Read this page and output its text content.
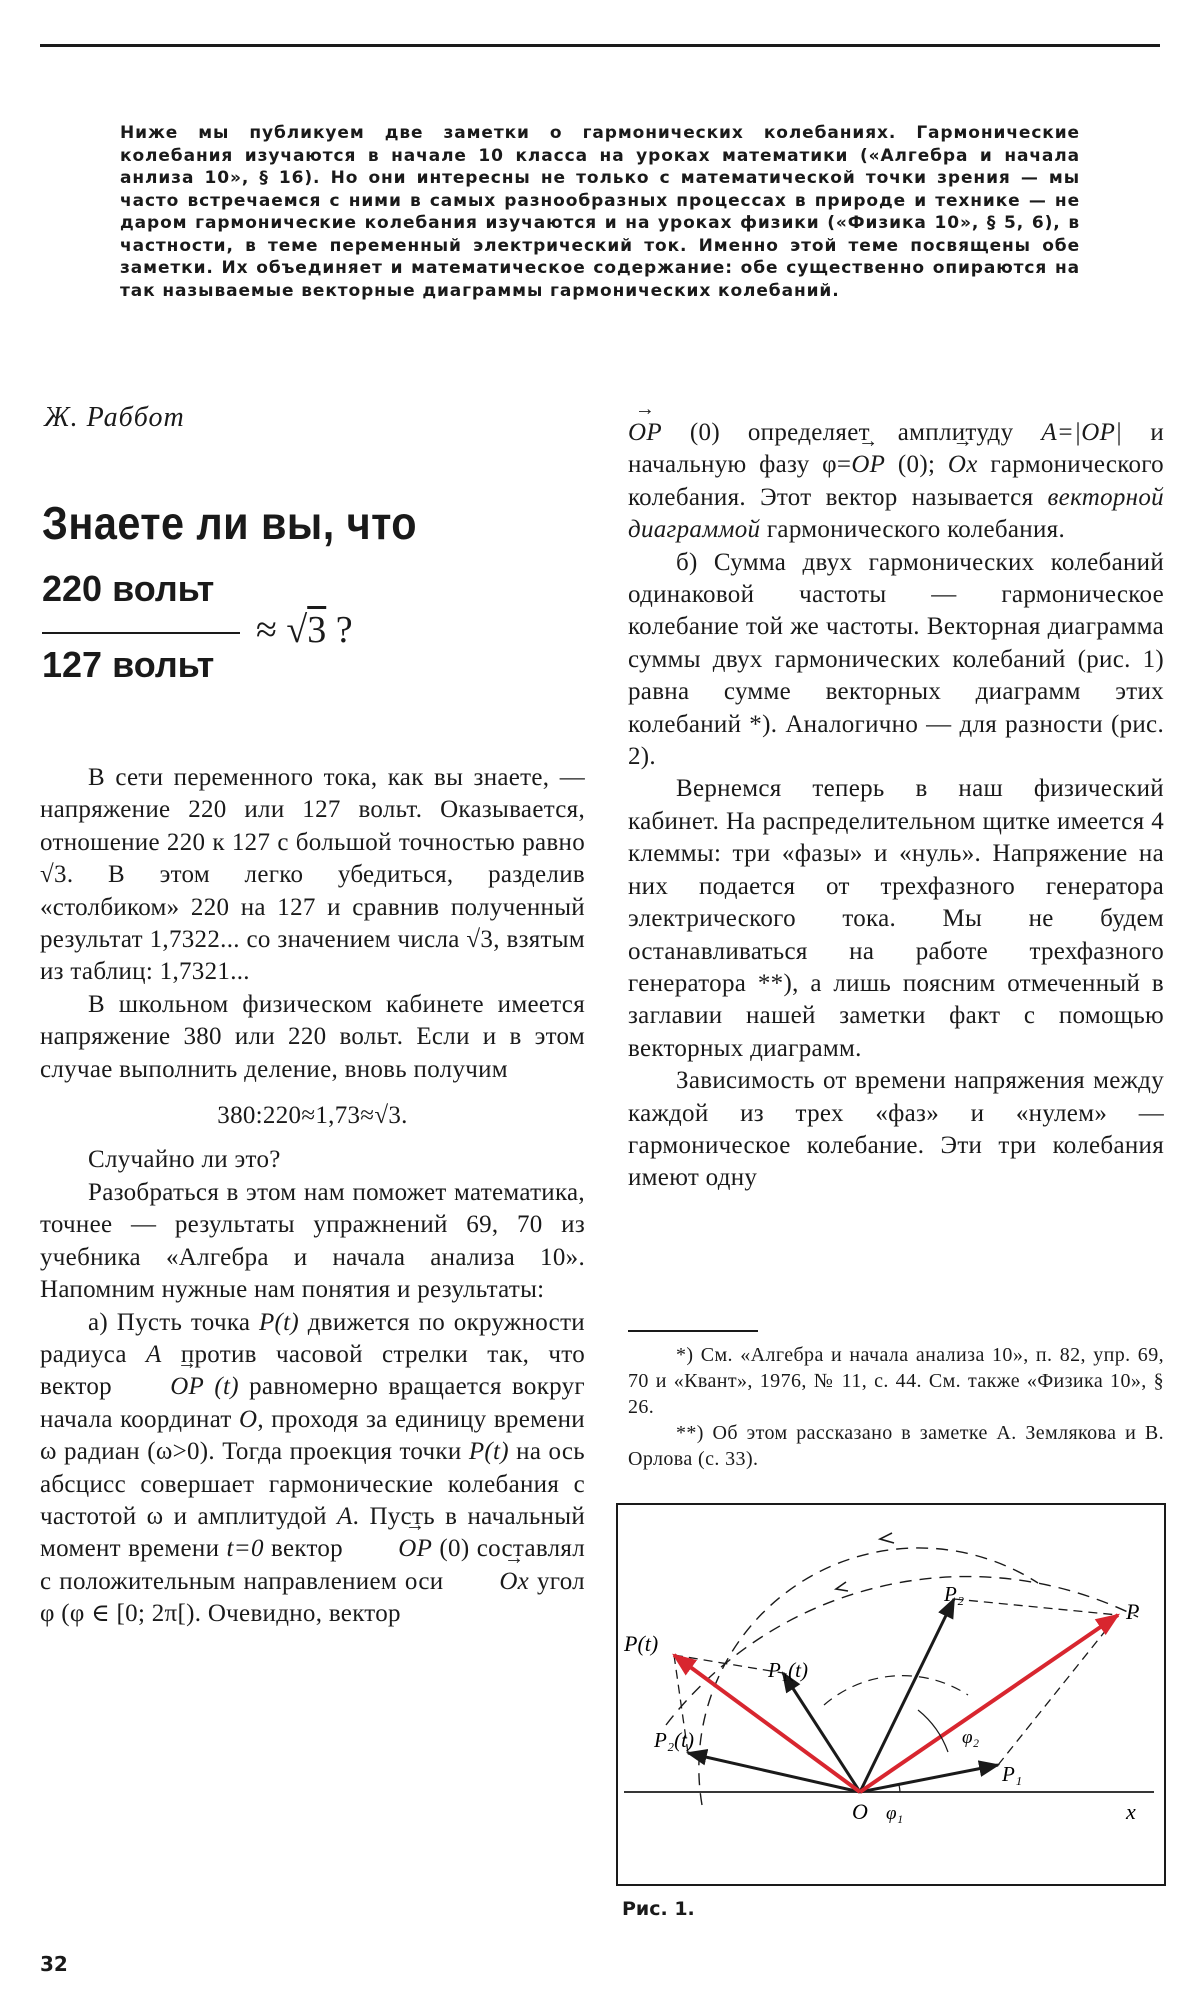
Ниже мы публикуем две заметки о гармонических колебаниях. Гармонические колебания изучаются в начале 10 класса на уроках математики («Алгебра и начала анлиза 10», § 16). Но они интересны не только с математической точки зрения — мы часто встречаемся с ними в самых разнообразных процессах в природе и технике — не даром гармонические колебания изучаются и на уроках физики («Физика 10», § 5, 6), в частности, в теме переменный электрический ток. Именно этой теме посвящены обе заметки. Их объединяет и математическое содержание: обе существенно опираются на так называемые векторные диаграммы гармонических колебаний.
Ж. Раббот
Знаете ли вы, что
220 вольт
127 вольт
≈ √3 ?

В сети переменного тока, как вы знаете, — напряжение 220 или 127 вольт. Оказывается, отношение 220 к 127 с большой точностью равно √3. В этом легко убедиться, разделив «столбиком» 220 на 127 и сравнив полученный результат 1,7322... со значением числа √3, взятым из таблиц: 1,7321...

В школьном физическом кабинете имеется напряжение 380 или 220 вольт. Если и в этом случае выполнить деление, вновь получим

380:220≈1,73≈√3.

Случайно ли это?

Разобраться в этом нам поможет математика, точнее — результаты упражнений 69, 70 из учебника «Алгебра и начала анализа 10». Напомним нужные нам понятия и результаты:

а) Пусть точка P(t) движется по окружности радиуса A против часовой стрелки так, что вектор → OP (t) равномерно вращается вокруг начала координат O, проходя за единицу времени ω радиан (ω>0). Тогда проекция точки P(t) на ось абсцисс совершает гармонические колебания с частотой ω и амплитудой A. Пусть в начальный момент времени t=0 вектор → OP (0) составлял с положительным направлением оси → Ox угол φ (φ ∈ [0; 2π[). Очевидно, вектор

→ OP (0) определяет амплитуду A=|OP| и начальную фазу φ=→ OP (0); → Ox гармонического колебания. Этот вектор называется векторной диаграммой гармонического колебания.

б) Сумма двух гармонических колебаний одинаковой частоты — гармоническое колебание той же частоты. Векторная диаграмма суммы двух гармонических колебаний (рис. 1) равна сумме векторных диаграмм этих колебаний *). Аналогично — для разности (рис. 2).

Вернемся теперь в наш физический кабинет. На распределительном щитке имеется 4 клеммы: три «фазы» и «нуль». Напряжение на них подается от трехфазного генератора электрического тока. Мы не будем останавливаться на работе трехфазного генератора **), а лишь поясним отмеченный в заглавии нашей заметки факт с помощью векторных диаграмм.

Зависимость от времени напряжения между каждой из трех «фаз» и «нулем» — гармоническое колебание. Эти три колебания имеют одну

*) См. «Алгебра и начала анализа 10», п. 82, упр. 69, 70 и «Квант», 1976, № 11, с. 44. См. также «Физика 10», § 26.

**) Об этом рассказано в заметке А. Землякова и В. Орлова (с. 33).

P(t)
P
P₁(t)
P₂(t)
P₂
P₁
O	x
φ₁
φ₂
Рис. 1.
32
